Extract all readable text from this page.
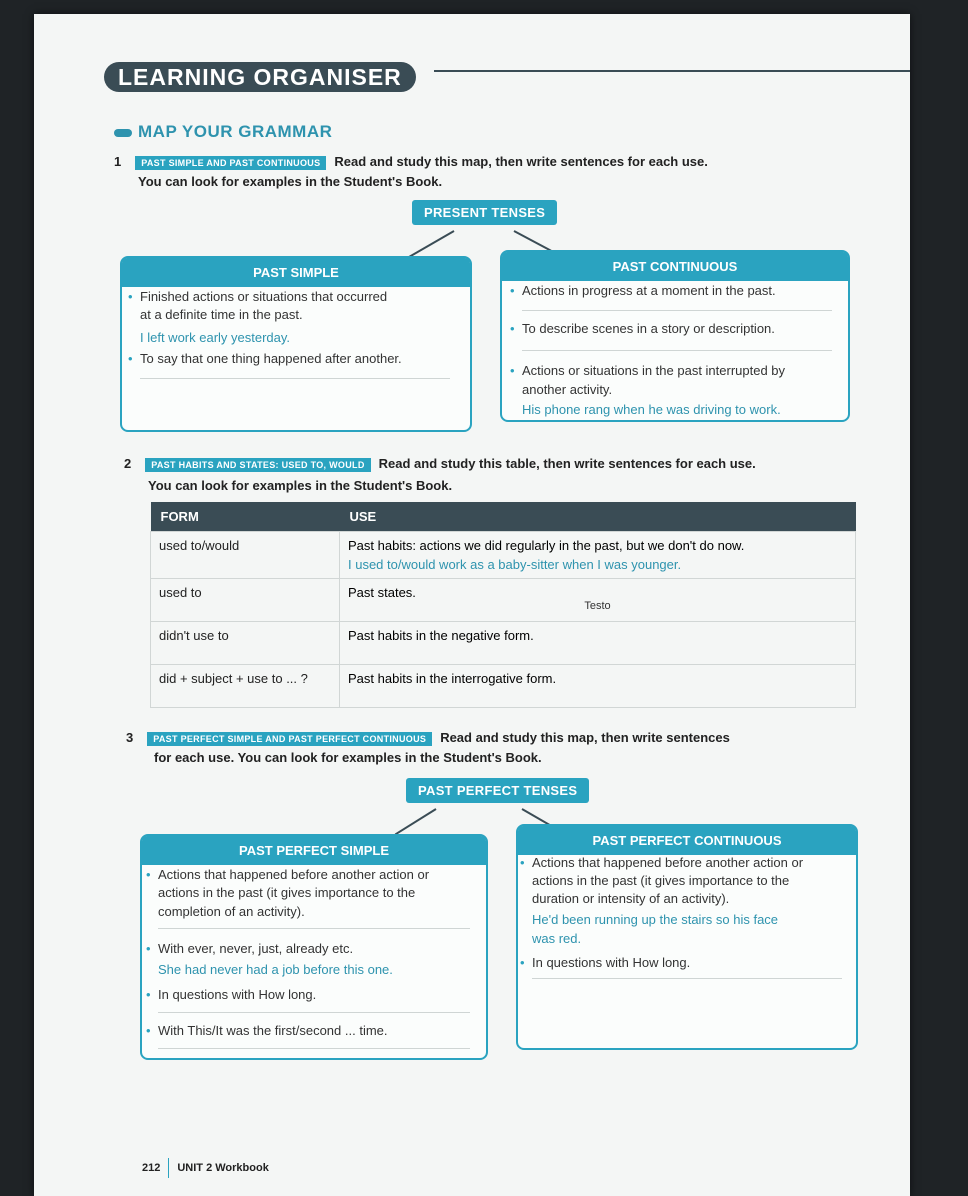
LEARNING ORGANISER
MAP YOUR GRAMMAR
1 PAST SIMPLE AND PAST CONTINUOUS Read and study this map, then write sentences for each use.
You can look for examples in the Student's Book.
PRESENT TENSES
PAST SIMPLE
• Finished actions or situations that occurred
at a definite time in the past.
I left work early yesterday.
• To say that one thing happened after another.
PAST CONTINUOUS
• Actions in progress at a moment in the past.
• To describe scenes in a story or description.
• Actions or situations in the past interrupted by
another activity.
His phone rang when he was driving to work.
2 PAST HABITS AND STATES: USED TO, WOULD Read and study this table, then write sentences for each use.
You can look for examples in the Student's Book.
FORM	USE
used to/would	Past habits: actions we did regularly in the past, but we don't do now.
I used to/would work as a baby-sitter when I was younger.

used to	Past states.
Testo

didn't use to	Past habits in the negative form.
did + subject + use to ... ?	Past habits in the interrogative form.
3 PAST PERFECT SIMPLE AND PAST PERFECT CONTINUOUS Read and study this map, then write sentences
for each use. You can look for examples in the Student's Book.
PAST PERFECT TENSES
PAST PERFECT SIMPLE
• Actions that happened before another action or
actions in the past (it gives importance to the
completion of an activity).
• With ever, never, just, already etc.
She had never had a job before this one.
• In questions with How long.
• With This/It was the first/second ... time.
PAST PERFECT CONTINUOUS
• Actions that happened before another action or
actions in the past (it gives importance to the
duration or intensity of an activity).
He'd been running up the stairs so his face
was red.
• In questions with How long.
212 UNIT 2 Workbook
